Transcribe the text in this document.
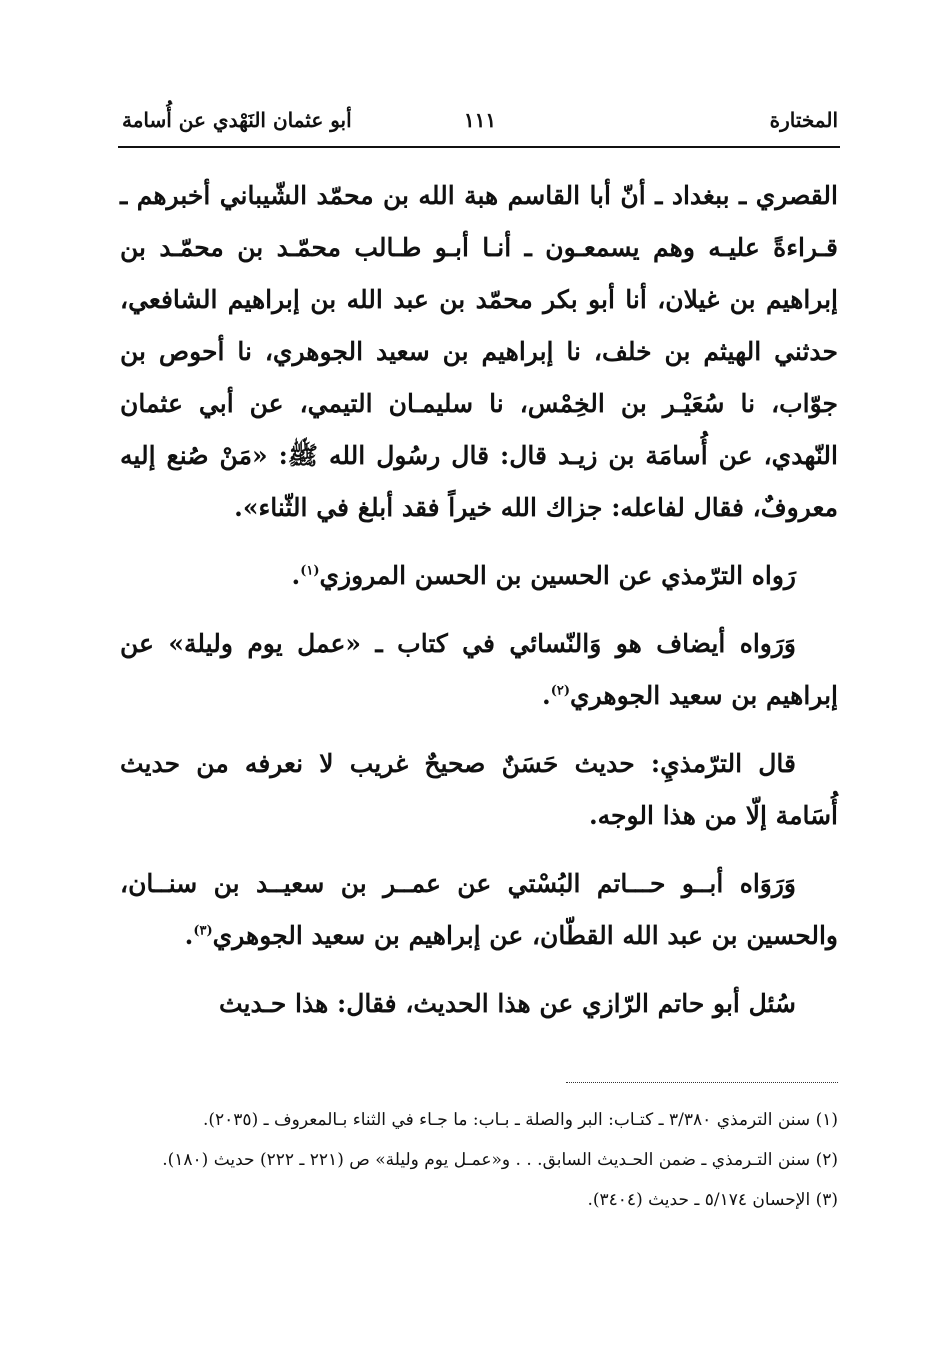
المختارة
١١١
أبو عثمان النَهْدي عن أُسامة

القصري ـ ببغداد ـ أنّ أبا القاسم هبة الله بن محمّد الشّيباني أخبرهم ـ قـراءةً عليـه وهم يسمعـون ـ أنـا أبـو طـالب محمّـد بن محمّـد بن إبراهيم بن غيلان، أنا أبو بكر محمّد بن عبد الله بن إبراهيم الشافعي، حدثني الهيثم بن خلف، نا إبراهيم بن سعيد الجوهري، نا أحوص بن جوّاب، نا سُعَيْـر بن الخِمْس، نا سليمـان التيمي، عن أبي عثمان النّهدي، عن أُسامَة بن زيـد قال: قال رسُول الله ﷺ: «مَنْ صُنع إليه معروفٌ، فقال لفاعله: جزاك الله خيراً فقد أبلغ في الثّناء».

رَواه الترّمذي عن الحسين بن الحسن المروزي$^{(١)}$.

وَرَواه أيضاف هو وَالنّسائي في كتاب ـ «عمل يوم وليلة» عن إبراهيم بن سعيد الجوهري$^{(٢)}$.

قال الترّمذيِ: حديث حَسَنٌ صحيحٌ غريب لا نعرفه من حديث أُسَامة إلّا من هذا الوجه.

وَرَوَاه أبــو حـــاتم البُسْتي عن عمــر بن سعيــد بن سنــان، والحسين بن عبد الله القطّان، عن إبراهيم بن سعيد الجوهري$^{(٣)}$.

سُئل أبو حاتم الرّازي عن هذا الحديث، فقال: هذا حـديث

(١) سنن الترمذي ٣/٣٨٠ ـ كتـاب: البر والصلة ـ بـاب: ما جـاء في الثناء بـالمعروف ـ (٢٠٣٥).

(٢) سنن التـرمذي ـ ضمن الحـديث السابق. . . و«عمـل يوم وليلة» ص (٢٢١ ـ ٢٢٢) حديث (١٨٠).

(٣) الإحسان ٥/١٧٤ ـ حديث (٣٤٠٤).
